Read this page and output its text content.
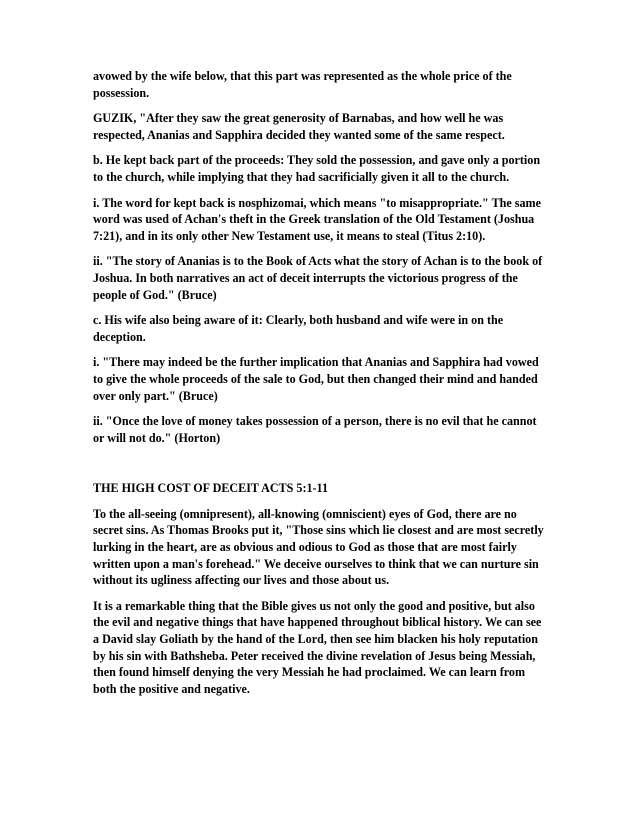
avowed by the wife below, that this part was represented as the whole price of the possession.

GUZIK, "After they saw the great generosity of Barnabas, and how well he was respected, Ananias and Sapphira decided they wanted some of the same respect.

b. He kept back part of the proceeds: They sold the possession, and gave only a portion to the church, while implying that they had sacrificially given it all to the church.

i. The word for kept back is nosphizomai, which means "to misappropriate." The same word was used of Achan's theft in the Greek translation of the Old Testament (Joshua 7:21), and in its only other New Testament use, it means to steal (Titus 2:10).

ii. "The story of Ananias is to the Book of Acts what the story of Achan is to the book of Joshua. In both narratives an act of deceit interrupts the victorious progress of the people of God." (Bruce)

c. His wife also being aware of it: Clearly, both husband and wife were in on the deception.

i. "There may indeed be the further implication that Ananias and Sapphira had vowed to give the whole proceeds of the sale to God, but then changed their mind and handed over only part." (Bruce)

ii. "Once the love of money takes possession of a person, there is no evil that he cannot or will not do." (Horton)

THE HIGH COST OF DECEIT ACTS 5:1-11

To the all-seeing (omnipresent), all-knowing (omniscient) eyes of God, there are no secret sins. As Thomas Brooks put it, "Those sins which lie closest and are most secretly lurking in the heart, are as obvious and odious to God as those that are most fairly written upon a man's forehead." We deceive ourselves to think that we can nurture sin without its ugliness affecting our lives and those about us.

It is a remarkable thing that the Bible gives us not only the good and positive, but also the evil and negative things that have happened throughout biblical history. We can see a David slay Goliath by the hand of the Lord, then see him blacken his holy reputation by his sin with Bathsheba. Peter received the divine revelation of Jesus being Messiah, then found himself denying the very Messiah he had proclaimed. We can learn from both the positive and negative.
